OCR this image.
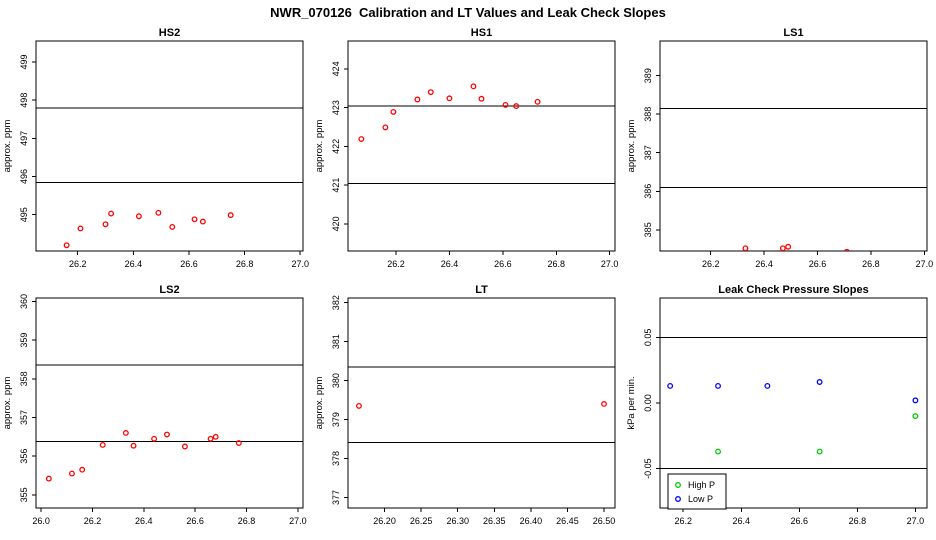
NWR_070126  Calibration and LT Values and Leak Check Slopes
HS2
26.2	26.4	26.6	26.8	27.0
495
496
497
498
499
approx. ppm
HS1
26.2	26.4	26.6	26.8	27.0
420
421
422
423
424
approx. ppm
LS1
26.2	26.4	26.6	26.8	27.0
385
386
387
388
389
approx. ppm
LS2
26.0	26.2	26.4	26.6	26.8	27.0
355
356
357
358
359
360
approx. ppm
LT
26.20 26.25 26.30 26.35 26.40 26.45 26.50
377
378
379
380
381
382
approx. ppm
Leak Check Pressure Slopes
26.2	26.4	26.6	26.8	27.0
-0.05
0.00
0.05
kPa per min.
High P
Low P
